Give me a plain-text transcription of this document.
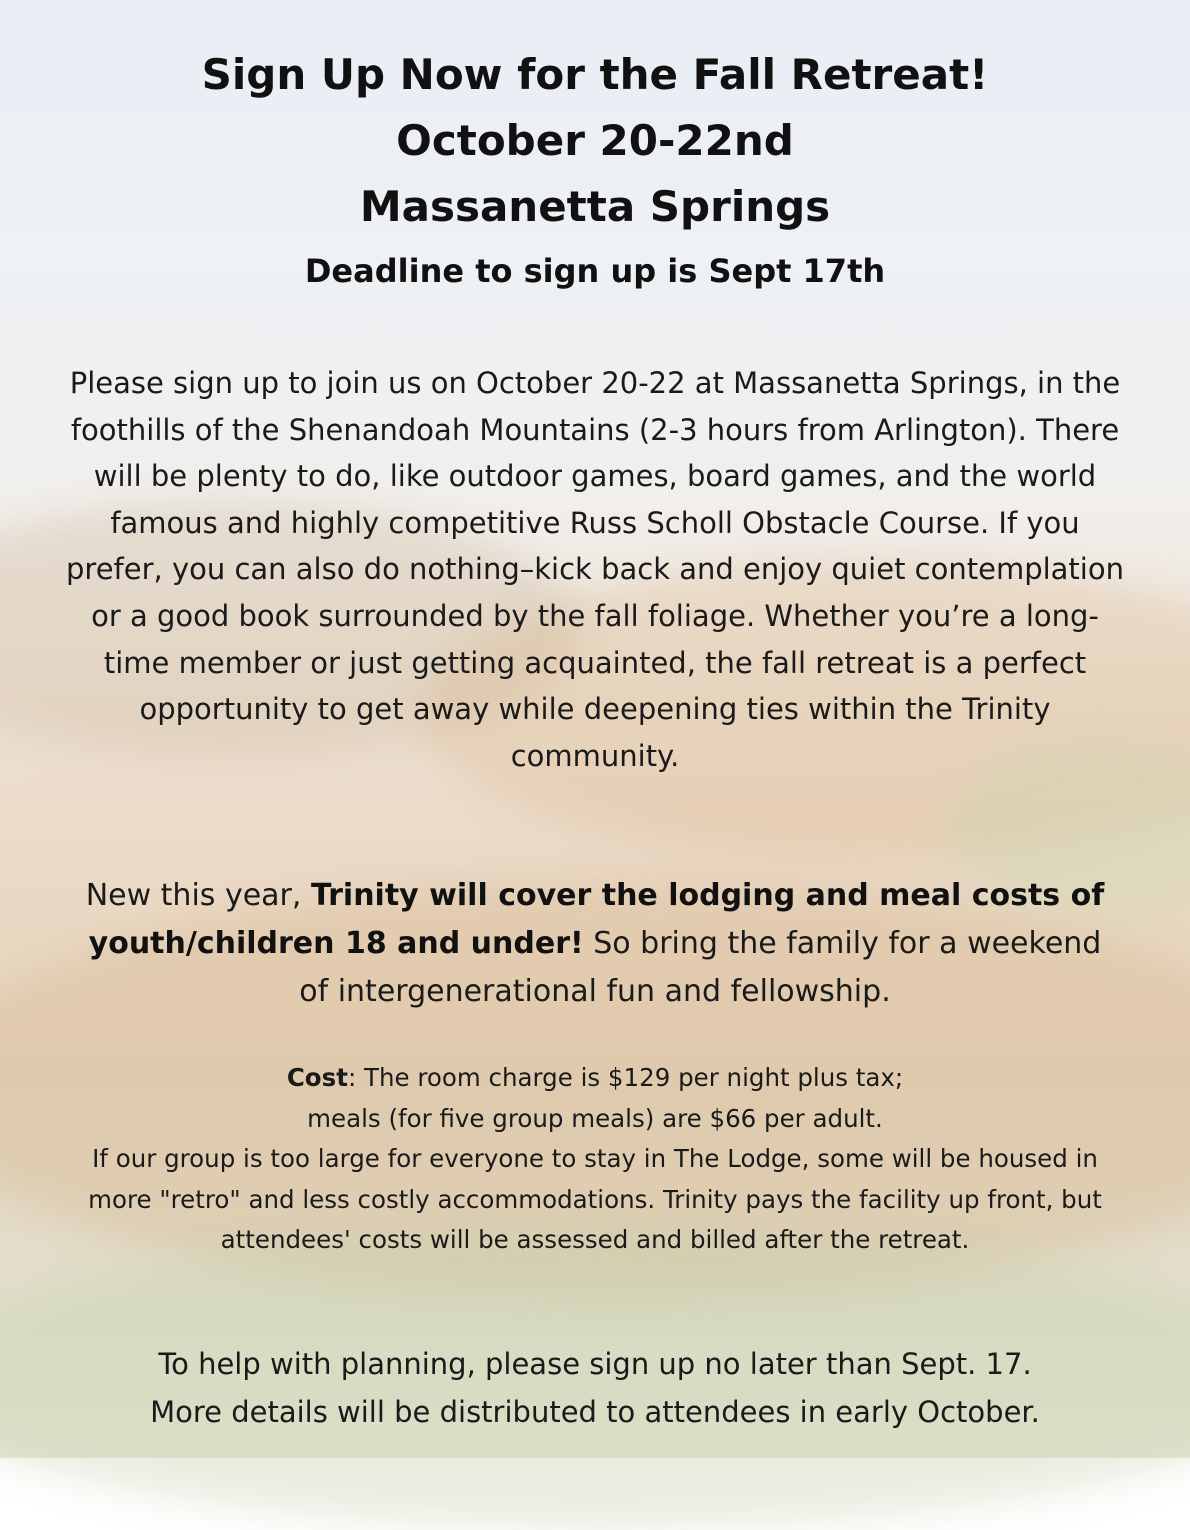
Sign Up Now for the Fall Retreat!
October 20-22nd
Massanetta Springs
Deadline to sign up is Sept 17th

Please sign up to join us on October 20-22 at Massanetta Springs, in the foothills of the Shenandoah Mountains (2-3 hours from Arlington). There will be plenty to do, like outdoor games, board games, and the world famous and highly competitive Russ Scholl Obstacle Course. If you prefer, you can also do nothing–kick back and enjoy quiet contemplation or a good book surrounded by the fall foliage. Whether you’re a long-time member or just getting acquainted, the fall retreat is a perfect opportunity to get away while deepening ties within the Trinity community.

New this year, Trinity will cover the lodging and meal costs of youth/children 18 and under! So bring the family for a weekend of intergenerational fun and fellowship.

Cost: The room charge is $129 per night plus tax;
meals (for five group meals) are $66 per adult.
If our group is too large for everyone to stay in The Lodge, some will be housed in more "retro" and less costly accommodations. Trinity pays the facility up front, but attendees' costs will be assessed and billed after the retreat.

To help with planning, please sign up no later than Sept. 17.
More details will be distributed to attendees in early October.
